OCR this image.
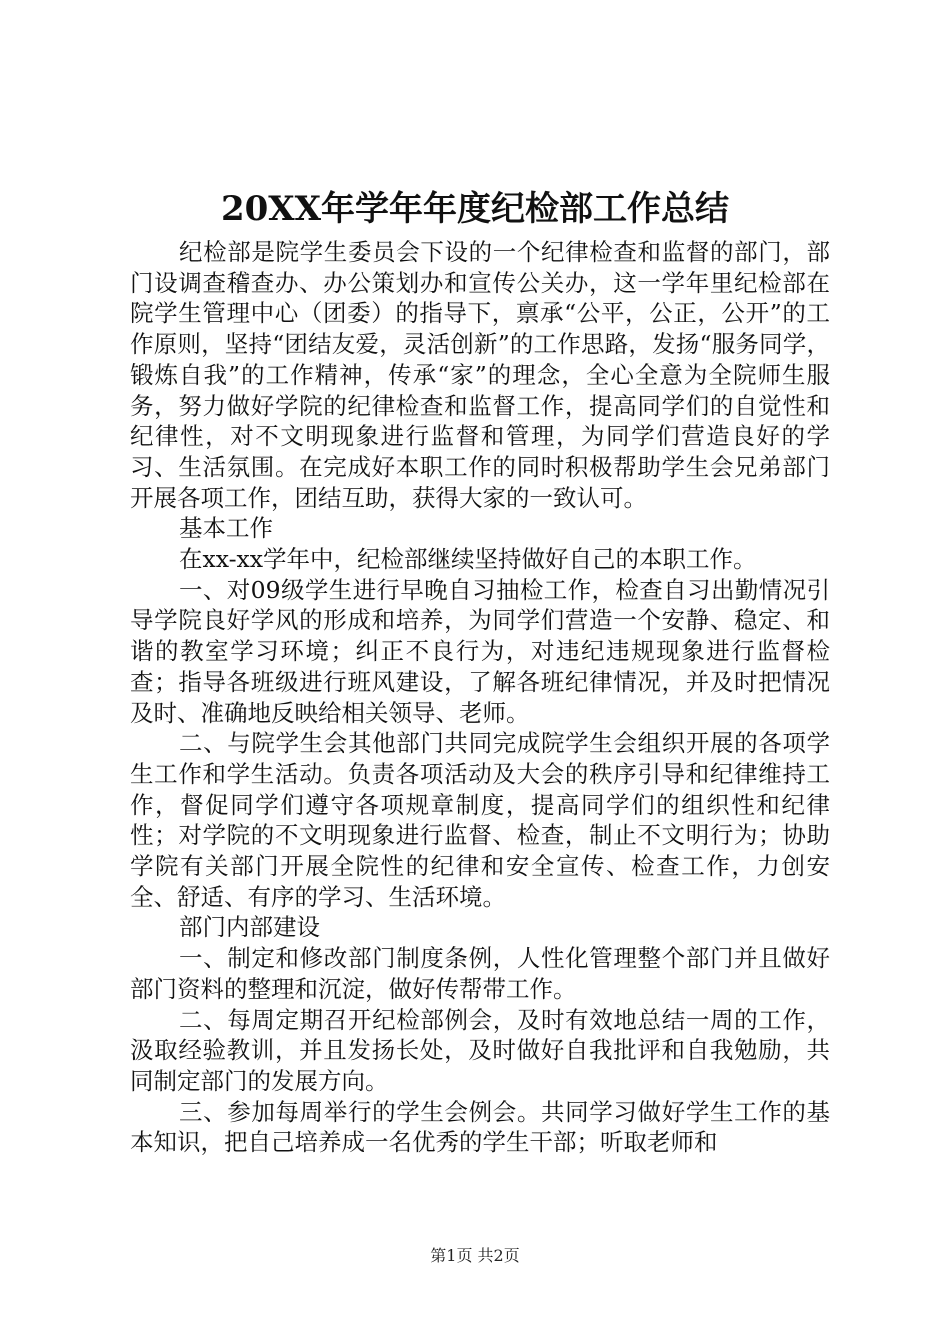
20XX年学年年度纪检部工作总结

纪检部是院学生委员会下设的一个纪律检查和监督的部门，部门设调查稽查办、办公策划办和宣传公关办，这一学年里纪检部在院学生管理中心（团委）的指导下，禀承“公平，公正，公开”的工作原则，坚持“团结友爱，灵活创新”的工作思路，发扬“服务同学，锻炼自我”的工作精神，传承“家”的理念，全心全意为全院师生服务，努力做好学院的纪律检查和监督工作，提高同学们的自觉性和纪律性，对不文明现象进行监督和管理，为同学们营造良好的学习、生活氛围。在完成好本职工作的同时积极帮助学生会兄弟部门开展各项工作，团结互助，获得大家的一致认可。

基本工作

在xx-xx学年中，纪检部继续坚持做好自己的本职工作。

一、对09级学生进行早晚自习抽检工作，检查自习出勤情况引导学院良好学风的形成和培养，为同学们营造一个安静、稳定、和谐的教室学习环境；纠正不良行为，对违纪违规现象进行监督检查；指导各班级进行班风建设，了解各班纪律情况，并及时把情况及时、准确地反映给相关领导、老师。

二、与院学生会其他部门共同完成院学生会组织开展的各项学生工作和学生活动。负责各项活动及大会的秩序引导和纪律维持工作，督促同学们遵守各项规章制度，提高同学们的组织性和纪律性；对学院的不文明现象进行监督、检查，制止不文明行为；协助学院有关部门开展全院性的纪律和安全宣传、检查工作，力创安全、舒适、有序的学习、生活环境。

部门内部建设

一、制定和修改部门制度条例，人性化管理整个部门并且做好部门资料的整理和沉淀，做好传帮带工作。

二、每周定期召开纪检部例会，及时有效地总结一周的工作，汲取经验教训，并且发扬长处，及时做好自我批评和自我勉励，共同制定部门的发展方向。

三、参加每周举行的学生会例会。共同学习做好学生工作的基本知识，把自己培养成一名优秀的学生干部；听取老师和

第1页 共2页
